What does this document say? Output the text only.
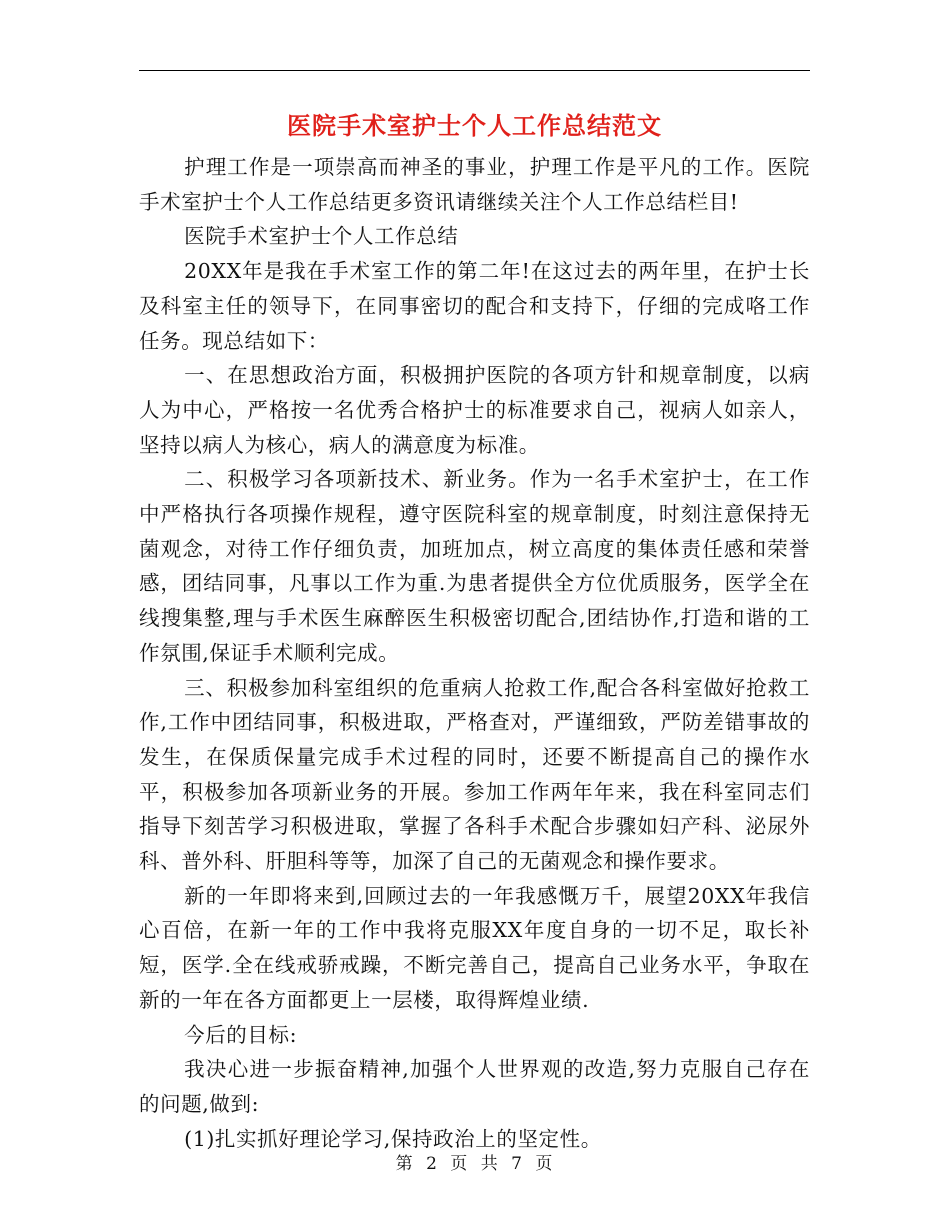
医院手术室护士个人工作总结范文

护理工作是一项崇高而神圣的事业，护理工作是平凡的工作。医院手术室护士个人工作总结更多资讯请继续关注个人工作总结栏目!

医院手术室护士个人工作总结

20XX年是我在手术室工作的第二年!在这过去的两年里，在护士长及科室主任的领导下，在同事密切的配合和支持下，仔细的完成咯工作任务。现总结如下：

一、在思想政治方面，积极拥护医院的各项方针和规章制度，以病人为中心，严格按一名优秀合格护士的标准要求自己，视病人如亲人，坚持以病人为核心，病人的满意度为标准。

二、积极学习各项新技术、新业务。作为一名手术室护士，在工作中严格执行各项操作规程，遵守医院科室的规章制度，时刻注意保持无菌观念，对待工作仔细负责，加班加点，树立高度的集体责任感和荣誉感，团结同事，凡事以工作为重.为患者提供全方位优质服务，医学全在线搜集整,理与手术医生麻醉医生积极密切配合,团结协作,打造和谐的工作氛围,保证手术顺利完成。

三、积极参加科室组织的危重病人抢救工作,配合各科室做好抢救工作,工作中团结同事，积极进取，严格查对，严谨细致，严防差错事故的发生，在保质保量完成手术过程的同时，还要不断提高自己的操作水平，积极参加各项新业务的开展。参加工作两年年来，我在科室同志们指导下刻苦学习积极进取，掌握了各科手术配合步骤如妇产科、泌尿外科、普外科、肝胆科等等，加深了自己的无菌观念和操作要求。

新的一年即将来到,回顾过去的一年我感慨万千，展望20XX年我信心百倍，在新一年的工作中我将克服XX年度自身的一切不足，取长补短，医学.全在线戒骄戒躁，不断完善自己，提高自己业务水平，争取在新的一年在各方面都更上一层楼，取得辉煌业绩.

今后的目标:

我决心进一步振奋精神,加强个人世界观的改造,努力克服自己存在的问题,做到:

(1)扎实抓好理论学习,保持政治上的坚定性。

第 2 页 共 7 页
